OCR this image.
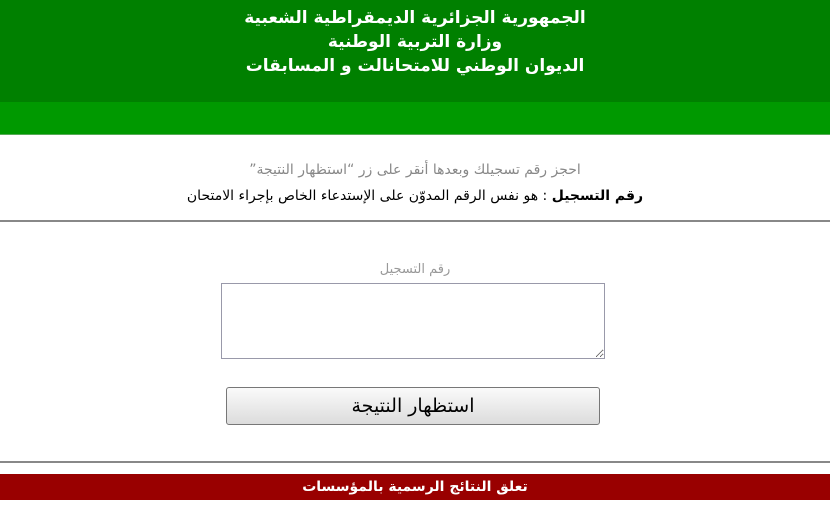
الجمهورية الجزائرية الديمقراطية الشعبية
وزارة التربية الوطنية
الديوان الوطني للامتحانالت و المسابقات
احجز رقم تسجيلك وبعدها أنقر على زر “استظهار النتيجة”
رقم التسجيل : هو نفس الرقم المدوّن على الإستدعاء الخاص بإجراء الامتحان
رقم التسجيل
استظهار النتيجة
تعلق النتائج الرسمية بالمؤسسات
